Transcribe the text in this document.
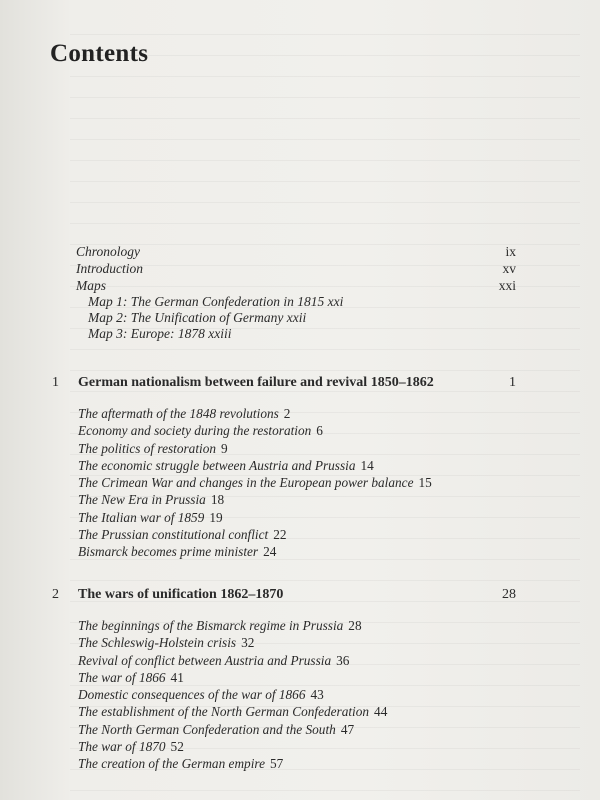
Contents
Chronology	ix
Introduction	xv
Maps	xxi
Map 1: The German Confederation in 1815 xxi
Map 2: The Unification of Germany xxii
Map 3: Europe: 1878 xxiii
1 German nationalism between failure and revival 1850–1862	1
The aftermath of the 1848 revolutions 2
Economy and society during the restoration 6
The politics of restoration 9
The economic struggle between Austria and Prussia 14
The Crimean War and changes in the European power balance 15
The New Era in Prussia 18
The Italian war of 1859 19
The Prussian constitutional conflict 22
Bismarck becomes prime minister 24
2 The wars of unification 1862–1870	28
The beginnings of the Bismarck regime in Prussia 28
The Schleswig-Holstein crisis 32
Revival of conflict between Austria and Prussia 36
The war of 1866 41
Domestic consequences of the war of 1866 43
The establishment of the North German Confederation 44
The North German Confederation and the South 47
The war of 1870 52
The creation of the German empire 57
